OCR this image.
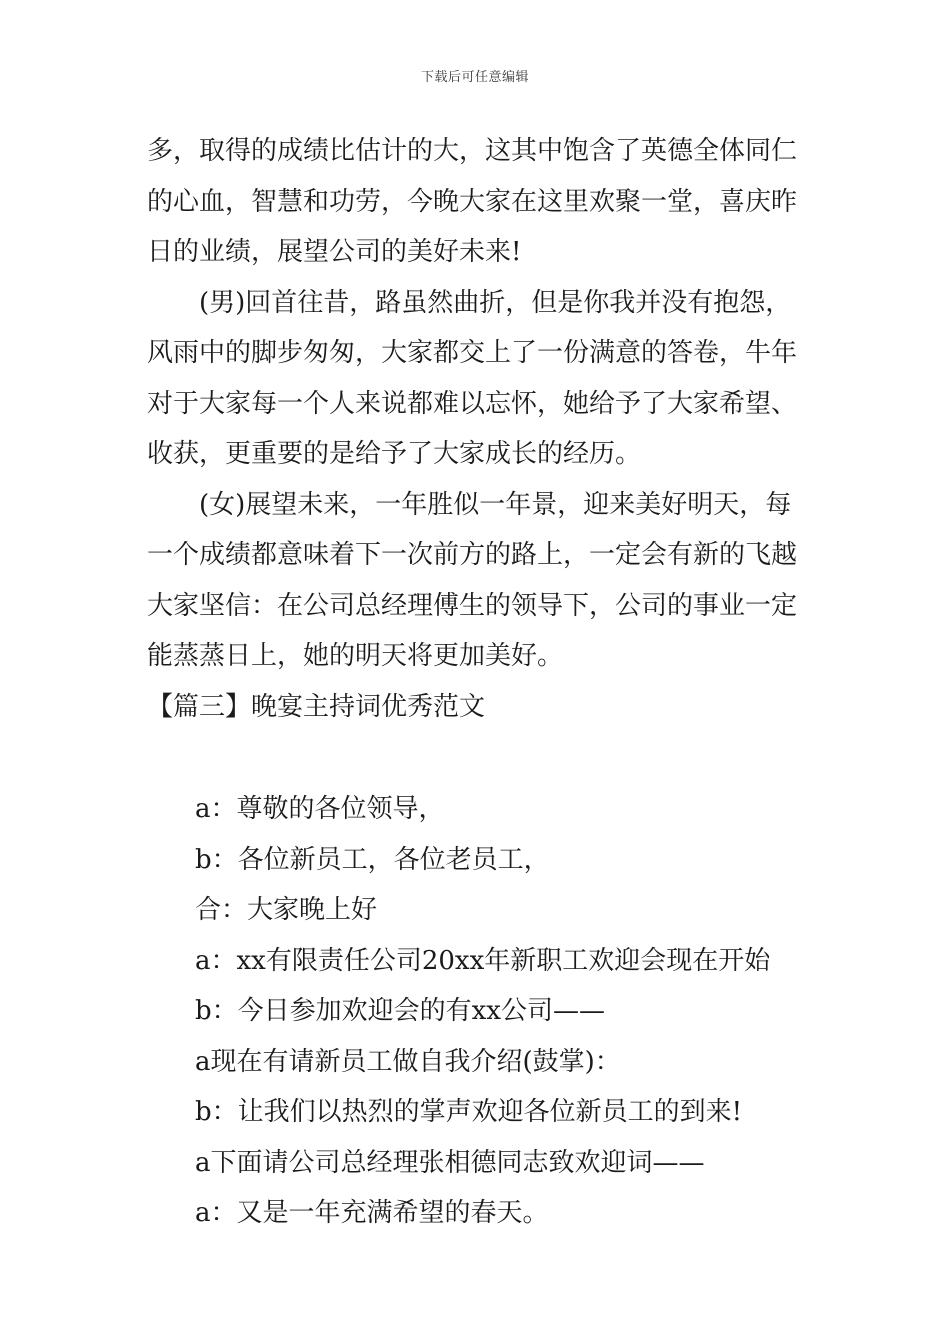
下载后可任意编辑

多，取得的成绩比估计的大，这其中饱含了英德全体同仁的心血，智慧和功劳，今晚大家在这里欢聚一堂，喜庆昨日的业绩，展望公司的美好未来!

(男)回首往昔，路虽然曲折，但是你我并没有抱怨，风雨中的脚步匆匆，大家都交上了一份满意的答卷，牛年对于大家每一个人来说都难以忘怀，她给予了大家希望、收获，更重要的是给予了大家成长的经历。

(女)展望未来，一年胜似一年景，迎来美好明天，每一个成绩都意味着下一次前方的路上，一定会有新的飞越大家坚信：在公司总经理傅生的领导下，公司的事业一定能蒸蒸日上，她的明天将更加美好。

【篇三】晚宴主持词优秀范文

a：尊敬的各位领导，

b：各位新员工，各位老员工，

合：大家晚上好

a：xx有限责任公司20xx年新职工欢迎会现在开始

b：今日参加欢迎会的有xx公司——

a现在有请新员工做自我介绍(鼓掌)：

b：让我们以热烈的掌声欢迎各位新员工的到来!

a下面请公司总经理张相德同志致欢迎词——

a：又是一年充满希望的春天。
